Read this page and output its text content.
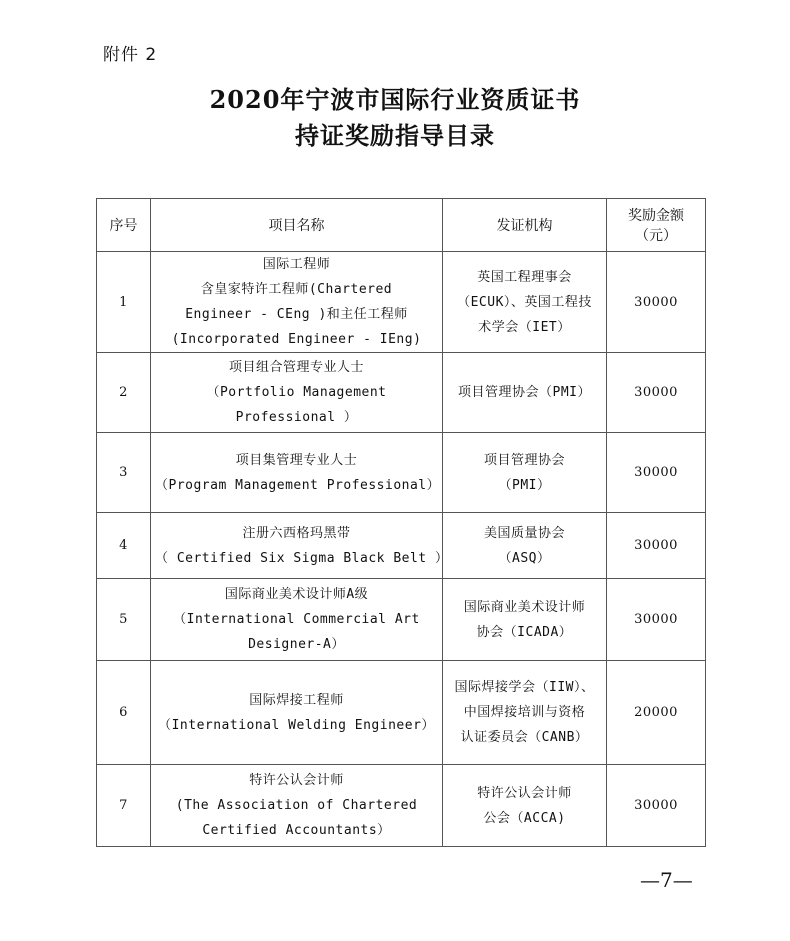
附件 2
2020年宁波市国际行业资质证书
持证奖励指导目录
序号	项目名称	发证机构	奖励金额
（元）

1	国际工程师
含皇家特许工程师(Chartered
Engineer - CEng )和主任工程师
(Incorporated Engineer - IEng)	英国工程理事会
（ECUK）、英国工程技
术学会（IET）	30000
2	项目组合管理专业人士
（Portfolio Management
Professional ）	项目管理协会（PMI）	30000
3	项目集管理专业人士
（Program Management Professional）	项目管理协会
（PMI）	30000
4	注册六西格玛黑带
（ Certified Six Sigma Black Belt ）	美国质量协会
（ASQ）	30000
5	国际商业美术设计师A级
（International Commercial Art
Designer-A）	国际商业美术设计师
协会（ICADA）	30000
6	国际焊接工程师
（International Welding Engineer）	国际焊接学会（IIW）、
中国焊接培训与资格
认证委员会（CANB）	20000
7	特许公认会计师
(The Association of Chartered
Certified Accountants）	特许公认会计师
公会（ACCA)	30000
—7—
